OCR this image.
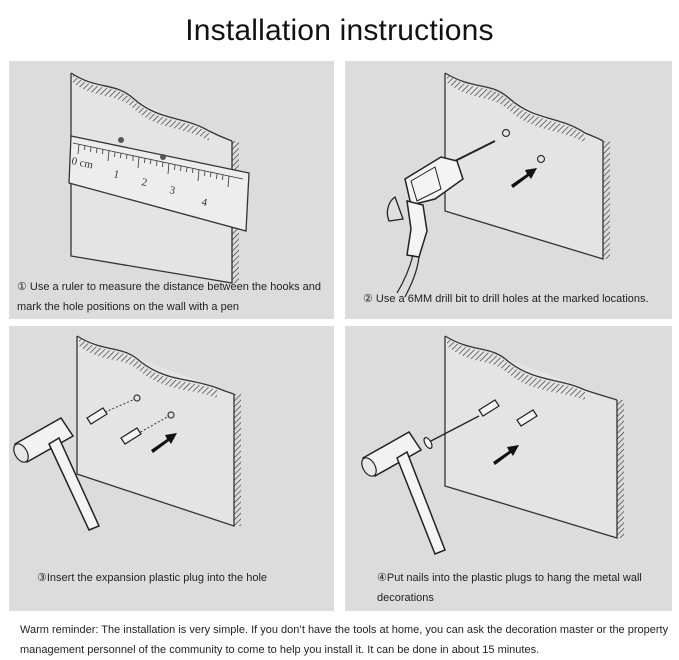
Installation instructions
0 cm
1
2
3
4
① Use a ruler to measure the distance between the hooks and mark the hole positions on the wall with a pen
② Use a 6MM drill bit to drill holes at the marked locations.
③Insert the expansion plastic plug into the hole	④Put nails into the plastic plugs to hang the metal wall decorations
Warm reminder: The installation is very simple. If you don’t have the tools at home, you can ask the decoration master or the property management personnel of the community to come to help you install it. It can be done in about 15 minutes.
